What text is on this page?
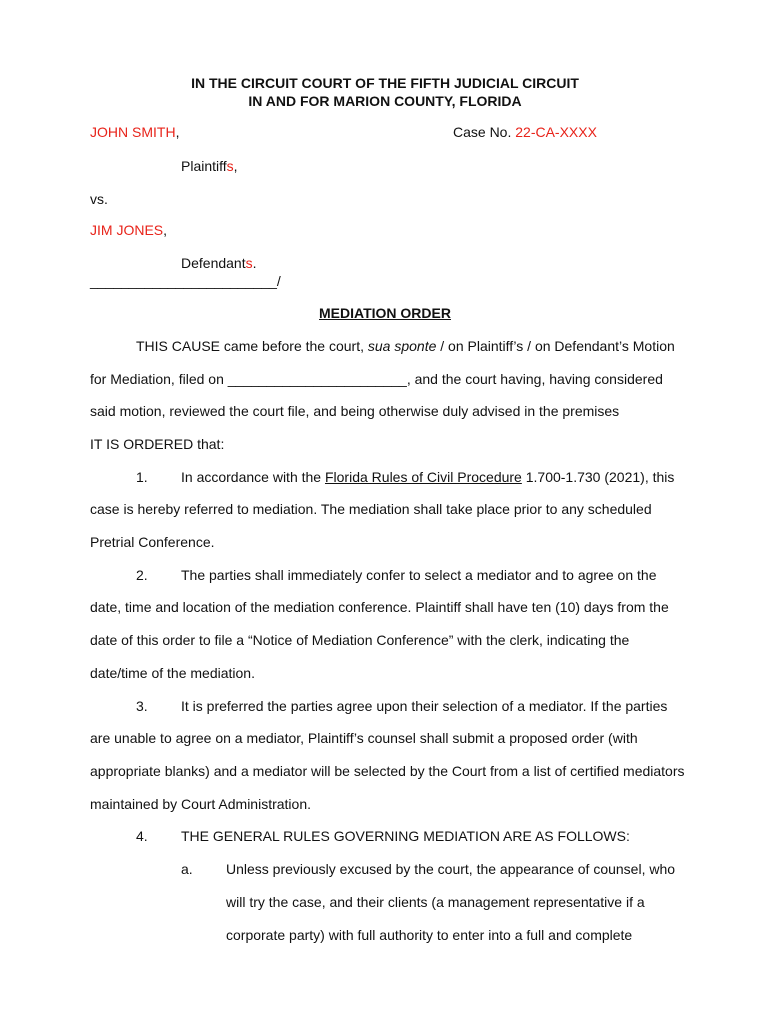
IN THE CIRCUIT COURT OF THE FIFTH JUDICIAL CIRCUIT
IN AND FOR MARION COUNTY, FLORIDA
JOHN SMITH,	Case No. 22-CA-XXXX
Plaintiffs,
vs.
JIM JONES,
Defendants.
________________________/
MEDIATION ORDER
THIS CAUSE came before the court, sua sponte / on Plaintiff’s / on Defendant’s Motion
for Mediation, filed on _______________________, and the court having, having considered
said motion, reviewed the court file, and being otherwise duly advised in the premises
IT IS ORDERED that:
1. In accordance with the Florida Rules of Civil Procedure 1.700-1.730 (2021), this
case is hereby referred to mediation. The mediation shall take place prior to any scheduled
Pretrial Conference.
2. The parties shall immediately confer to select a mediator and to agree on the
date, time and location of the mediation conference. Plaintiff shall have ten (10) days from the
date of this order to file a “Notice of Mediation Conference” with the clerk, indicating the
date/time of the mediation.
3. It is preferred the parties agree upon their selection of a mediator. If the parties
are unable to agree on a mediator, Plaintiff’s counsel shall submit a proposed order (with
appropriate blanks) and a mediator will be selected by the Court from a list of certified mediators
maintained by Court Administration.
4. THE GENERAL RULES GOVERNING MEDIATION ARE AS FOLLOWS:
a. Unless previously excused by the court, the appearance of counsel, who
will try the case, and their clients (a management representative if a
corporate party) with full authority to enter into a full and complete
